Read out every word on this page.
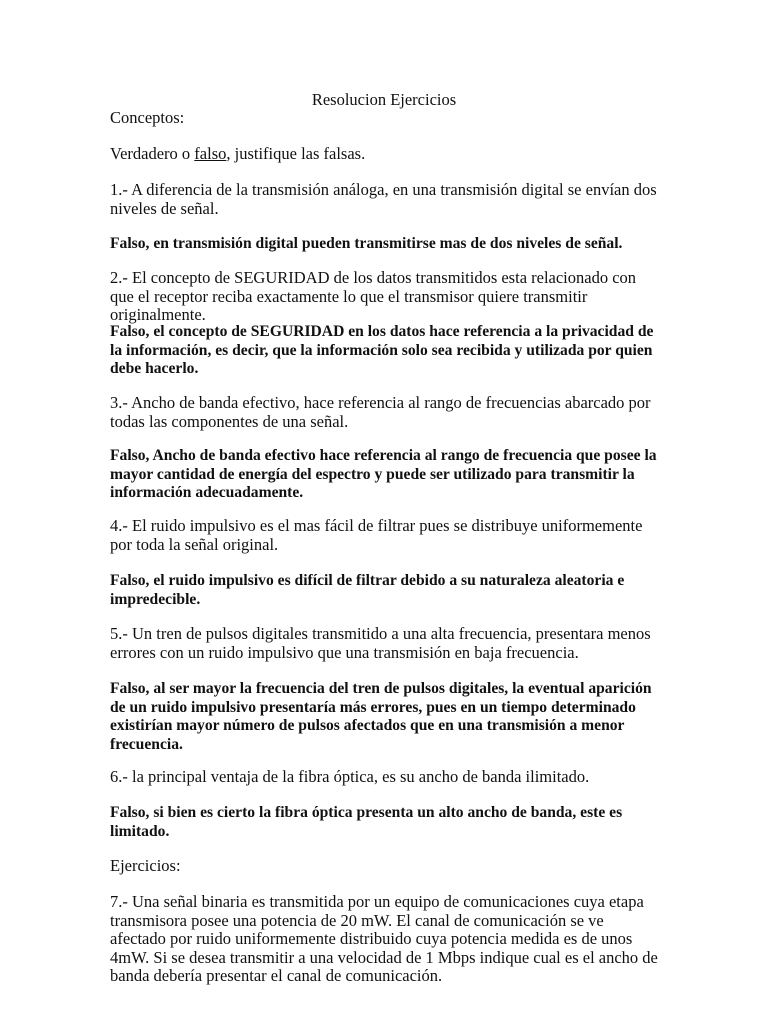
Resolucion Ejercicios

Conceptos:

Verdadero o falso, justifique las falsas.

1.- A diferencia de la transmisión análoga, en una transmisión digital se envían dos niveles de señal.

Falso, en transmisión digital pueden transmitirse mas de dos niveles de señal.

2.- El concepto de SEGURIDAD de los datos transmitidos esta relacionado con que el receptor reciba exactamente lo que el transmisor quiere transmitir originalmente.

Falso, el concepto de SEGURIDAD en los datos hace referencia a la privacidad de la información, es decir, que la información solo sea recibida y utilizada por quien debe hacerlo.

3.- Ancho de banda efectivo, hace referencia al rango de frecuencias abarcado por todas las componentes de una señal.

Falso, Ancho de banda efectivo hace referencia al rango de frecuencia que posee la mayor cantidad de energía del espectro y puede ser utilizado para transmitir la información adecuadamente.

4.- El ruido impulsivo es el mas fácil de filtrar pues se distribuye uniformemente por toda la señal original.

Falso, el ruido impulsivo es difícil de filtrar debido a su naturaleza aleatoria e impredecible.

5.- Un tren de pulsos digitales transmitido a una alta frecuencia, presentara menos errores con un ruido impulsivo que una transmisión en baja frecuencia.

Falso, al ser mayor la frecuencia del tren de pulsos digitales, la eventual aparición de un ruido impulsivo presentaría más errores, pues en un tiempo determinado existirían mayor número de pulsos afectados que en una transmisión a menor frecuencia.

6.- la principal ventaja de la fibra óptica, es su ancho de banda ilimitado.

Falso, si bien es cierto la fibra óptica presenta un alto ancho de banda, este es limitado.

Ejercicios:

7.- Una señal binaria es transmitida por un equipo de comunicaciones cuya etapa transmisora posee una potencia de 20 mW. El canal de comunicación se ve afectado por ruido uniformemente distribuido cuya potencia medida es de unos 4mW. Si se desea transmitir a una velocidad de 1 Mbps indique cual es el ancho de banda debería presentar el canal de comunicación.
